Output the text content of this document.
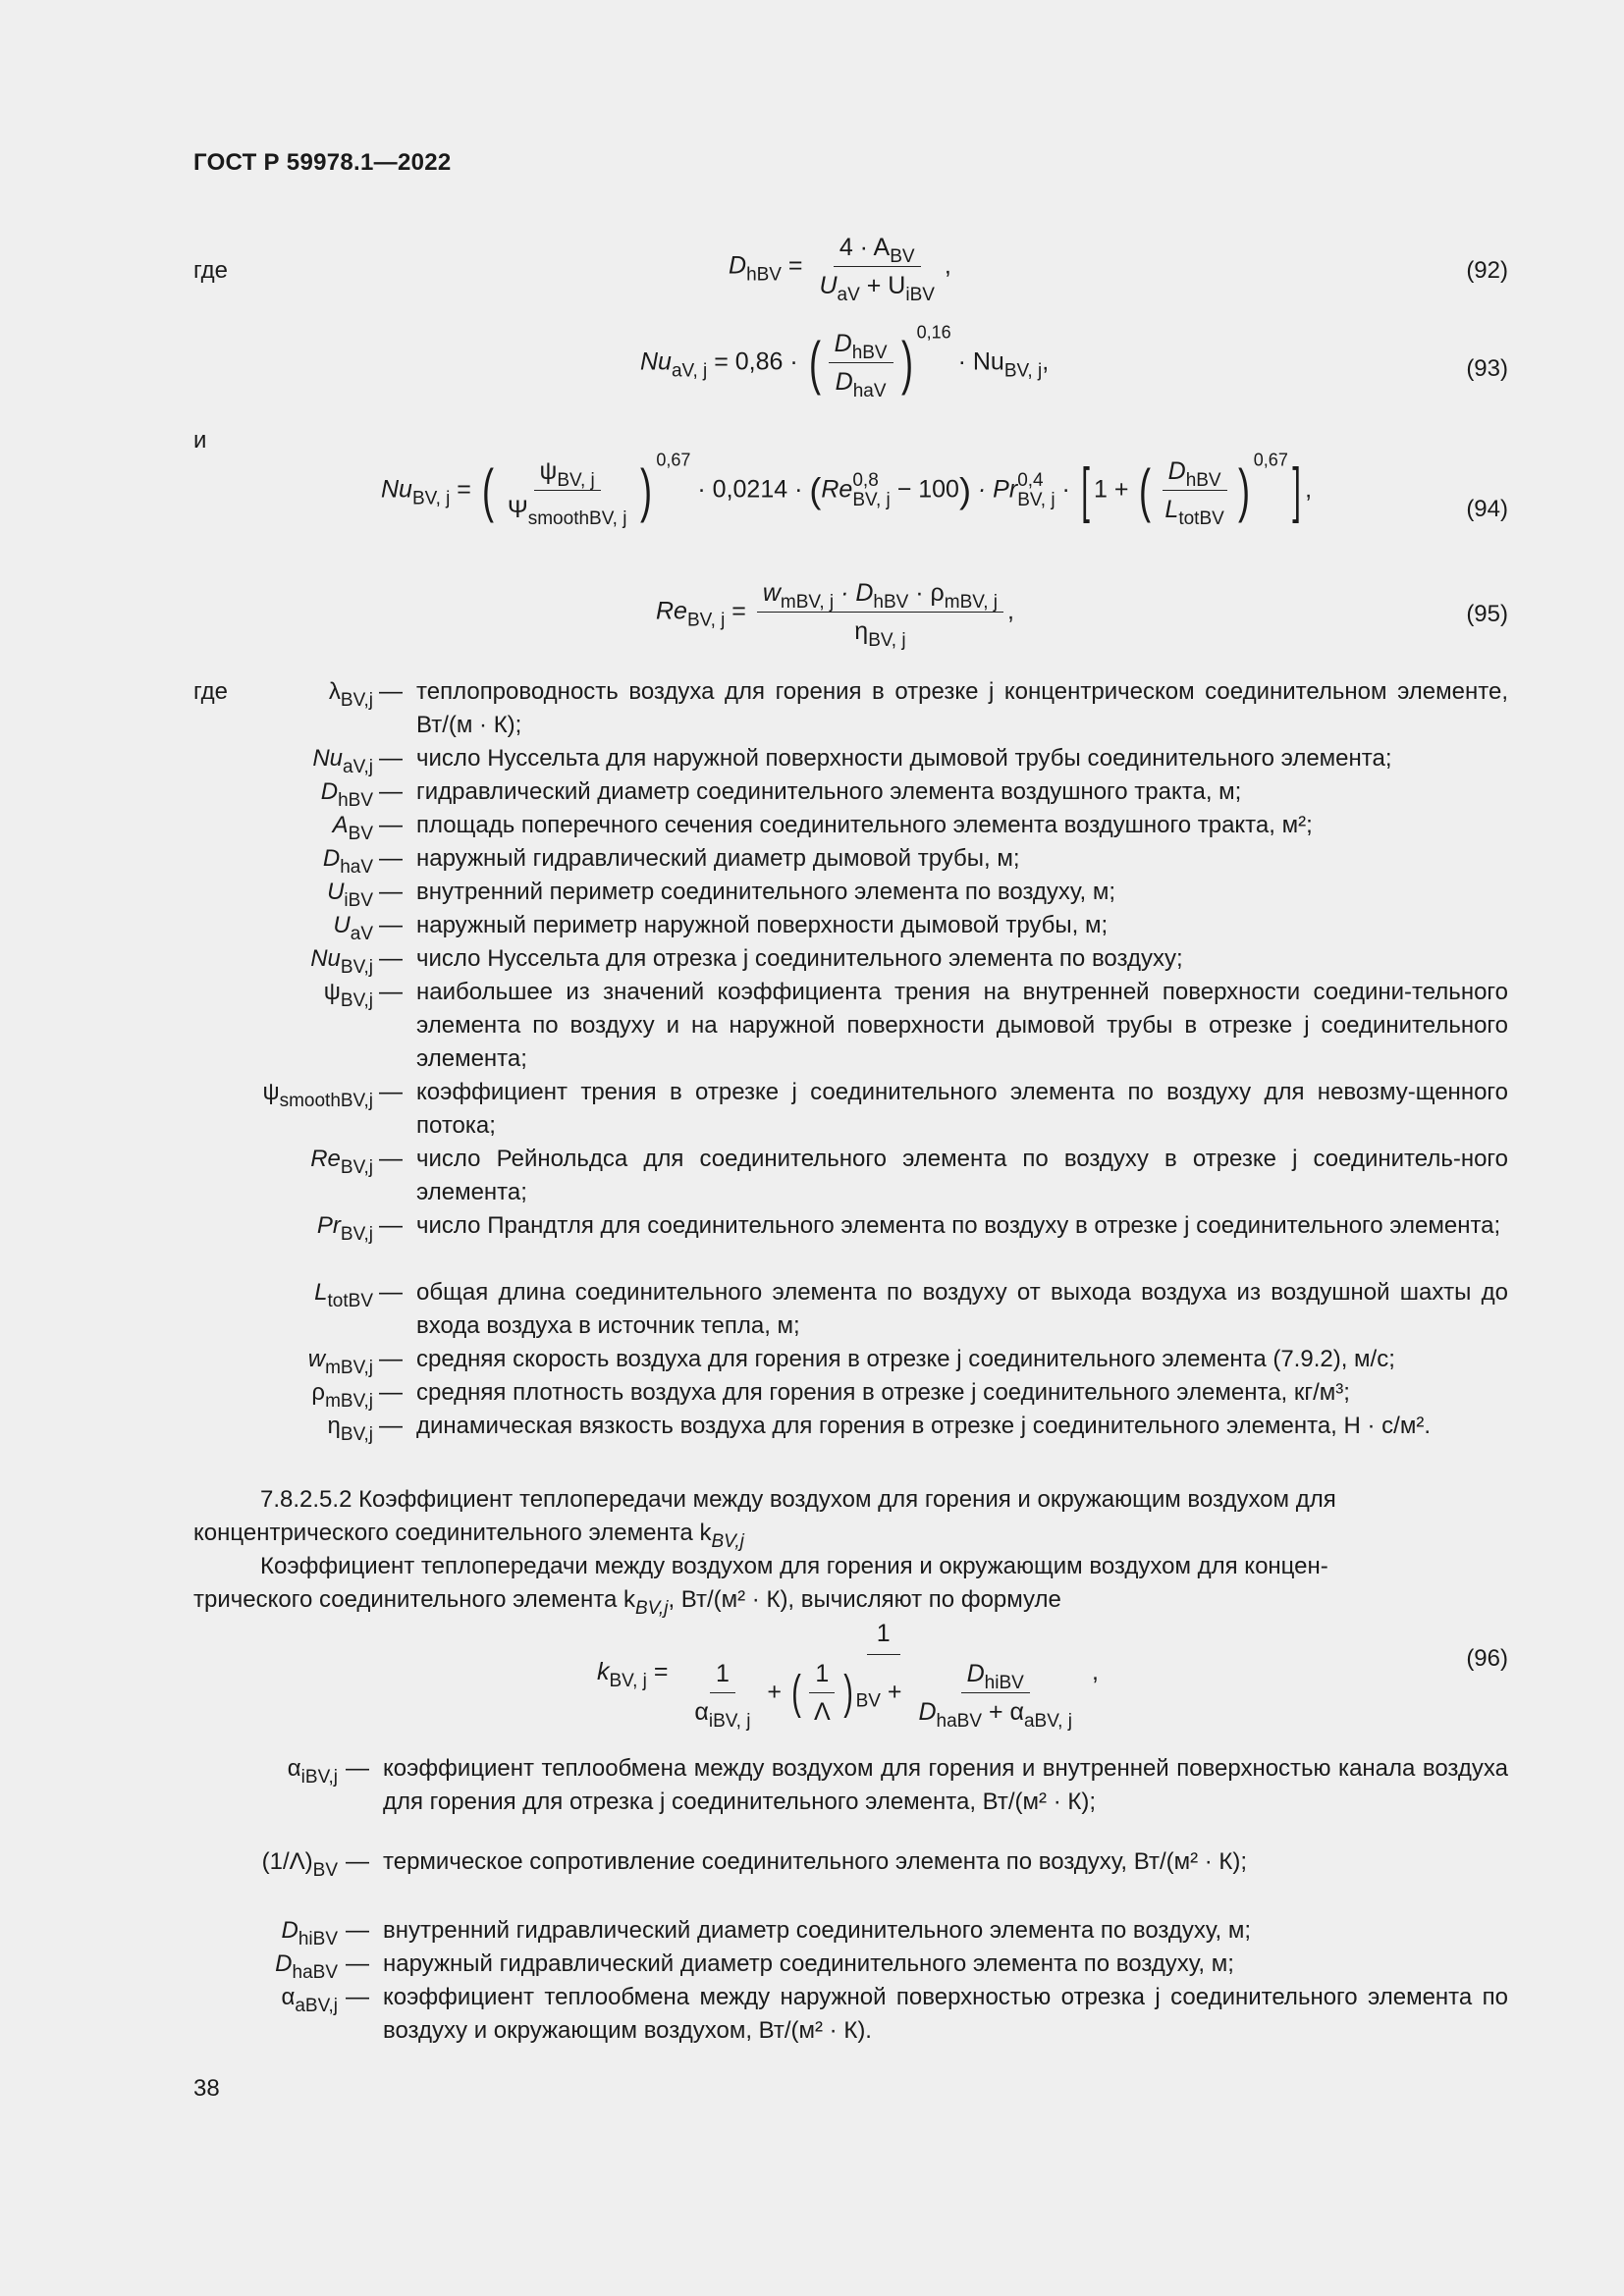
ГОСТ Р 59978.1—2022
где	$D_{hBV} = \frac{4 \cdot A_{BV}}{U_{aV} + U_{iBV}}$ ,	(92)
$Nu_{aV, j} = 0,86$ · ( $\frac{D_{hBV}}{D_{haV}}$ ) $^{0,16} \cdot Nu_{BV, j}$,	(93)
и
$Nu_{BV, j}$ = ( $\frac{\psi_{BV, j}}{\Psi_{smoothBV, j}}$ ) $^{0,67}$ · 0,0214 · (Re 0,8
BV, j − 100) · Pr 0,4
BV, j · [ 1 + ( $\frac{D_{hBV}}{L_{totBV}}$ ) $^{0,67}$] ,
(94)
$Re_{BV, j} = \frac{w_{mBV, j} \cdot D_{hBV} \cdot \rho_{mBV, j}}{\eta_{BV, j}}$ ,	(95)
где	$\lambda_{BV,j}$ — теплопроводность воздуха для горения в отрезке j концентрическом соединительном элементе, Вт/(м · К);
$Nu_{aV,j}$ — число Нуссельта для наружной поверхности дымовой трубы соединительного элемента;
$D_{hBV}$ — гидравлический диаметр соединительного элемента воздушного тракта, м;
$A_{BV}$ — площадь поперечного сечения соединительного элемента воздушного тракта, м²;
$D_{haV}$ — наружный гидравлический диаметр дымовой трубы, м;
$U_{iBV}$ — внутренний периметр соединительного элемента по воздуху, м;
$U_{aV}$ — наружный периметр наружной поверхности дымовой трубы, м;
$Nu_{BV,j}$ — число Нуссельта для отрезка j соединительного элемента по воздуху;
$\psi_{BV,j}$ — наибольшее из значений коэффициента трения на внутренней поверхности соедини-тельного элемента по воздуху и на наружной поверхности дымовой трубы в отрезке j соединительного элемента;
$\psi_{smoothBV,j}$ — коэффициент трения в отрезке j соединительного элемента по воздуху для невозму-щенного потока;
$Re_{BV,j}$ — число Рейнольдса для соединительного элемента по воздуху в отрезке j соединитель-ного элемента;
$Pr_{BV,j}$ — число Прандтля для соединительного элемента по воздуху в отрезке j соединительного элемента;
$L_{totBV}$ — общая длина соединительного элемента по воздуху от выхода воздуха из воздушной шахты до входа воздуха в источник тепла, м;
$w_{mBV,j}$ — средняя скорость воздуха для горения в отрезке j соединительного элемента (7.9.2), м/с;
$\rho_{mBV,j}$ — средняя плотность воздуха для горения в отрезке j соединительного элемента, кг/м³;
$\eta_{BV,j}$ — динамическая вязкость воздуха для горения в отрезке j соединительного элемента, Н · с/м².
7.8.2.5.2 Коэффициент теплопередачи между воздухом для горения и окружающим воздухом для
концентрического соединительного элемента $k_{BV,j}$
Коэффициент теплопередачи между воздухом для горения и окружающим воздухом для концен-
трического соединительного элемента $k_{BV,j}$, Вт/(м² · К), вычисляют по формуле
$k_{BV, j} = \frac{1}{\frac{1}{\alpha_{iBV, j}} + ( \frac{1}{\Lambda} ) _{BV} + \frac{D_{hiBV}}{D_{haBV} + \alpha_{aBV, j}}}$ ,	(96)
$\alpha_{iBV,j}$ — коэффициент теплообмена между воздухом для горения и внутренней поверхностью канала воздуха для горения для отрезка j соединительного элемента, Вт/(м² · К);
$(1/\Lambda)_{BV}$ — термическое сопротивление соединительного элемента по воздуху, Вт/(м² · К);
$D_{hiBV}$ — внутренний гидравлический диаметр соединительного элемента по воздуху, м;
$D_{haBV}$ — наружный гидравлический диаметр соединительного элемента по воздуху, м;
$\alpha_{aBV,j}$ — коэффициент теплообмена между наружной поверхностью отрезка j соединительного элемента по воздуху и окружающим воздухом, Вт/(м² · К).
38
